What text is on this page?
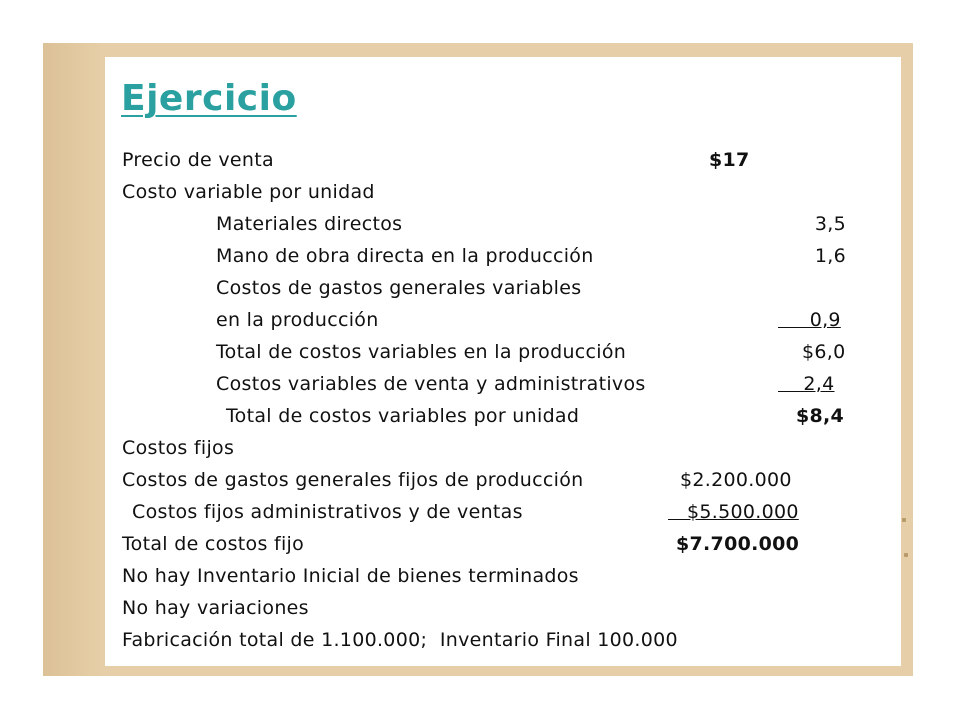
Ejercicio
Precio de venta	$17
Costo variable por unidad
Materiales directos	3,5
Mano de obra directa en la producción	1,6
Costos de gastos generales variables
en la producción	0,9
Total de costos variables en la producción	$6,0
Costos variables de venta y administrativos	2,4
Total de costos variables por unidad	$8,4
Costos fijos
Costos de gastos generales fijos de producción	$2.200.000
Costos fijos administrativos y de ventas	$5.500.000
Total de costos fijo	$7.700.000
No hay Inventario Inicial de bienes terminados
No hay variaciones
Fabricación total de 1.100.000;  Inventario Final 100.000
